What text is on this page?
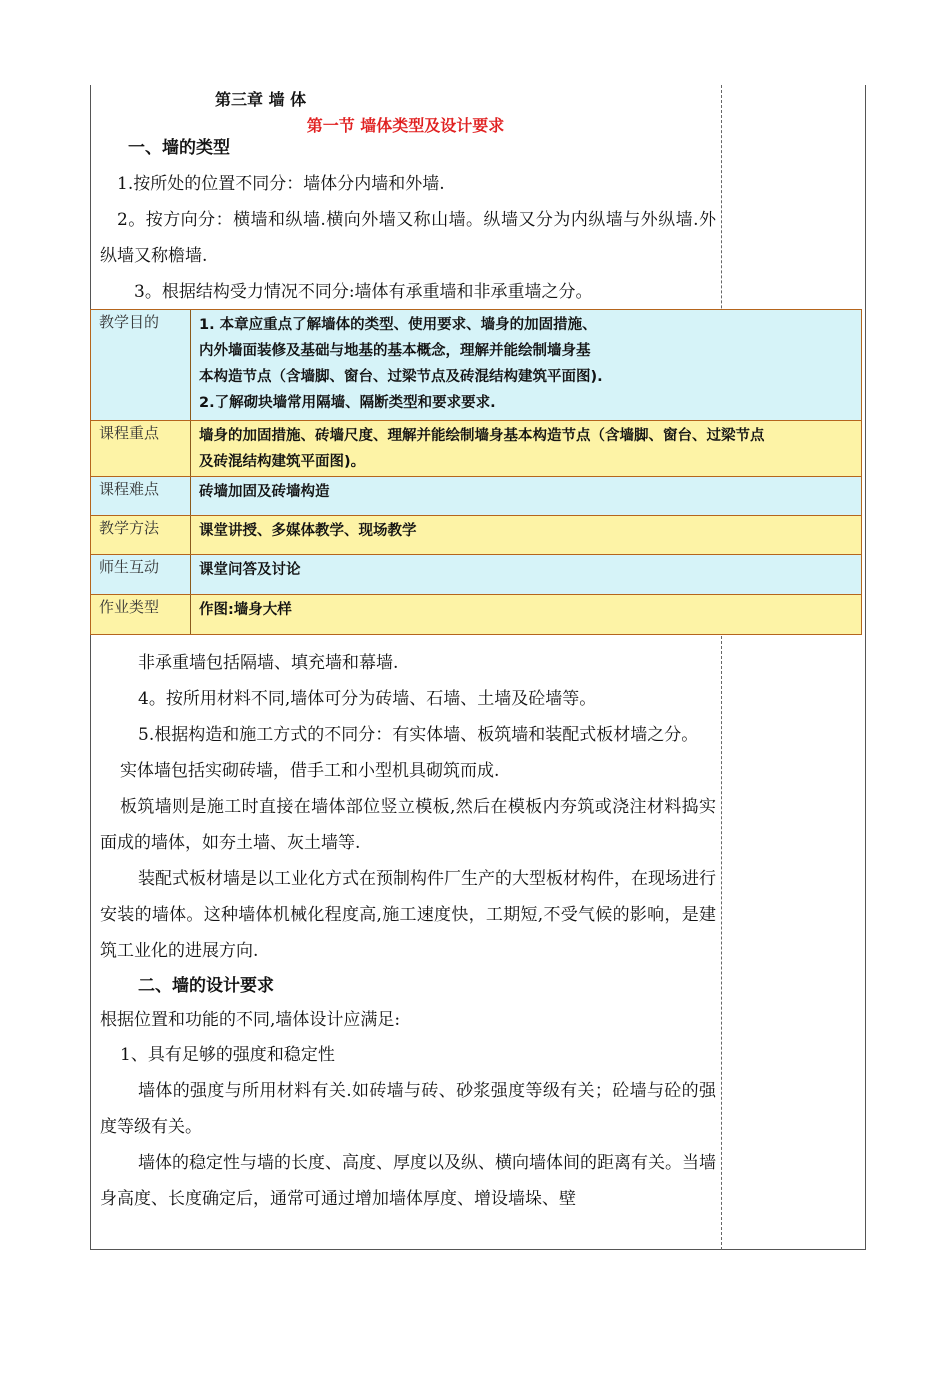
第三章 墙 体
第一节 墙体类型及设计要求

一、墙的类型

1.按所处的位置不同分：墙体分内墙和外墙.

2。按方向分：横墙和纵墙.横向外墙又称山墙。纵墙又分为内纵墙与外纵墙.外纵墙又称檐墙.

3。根据结构受力情况不同分:墙体有承重墙和非承重墙之分。

教学目的	1. 本章应重点了解墙体的类型、使用要求、墙身的加固措施、
内外墙面装修及基础与地基的基本概念，理解并能绘制墙身基
本构造节点（含墙脚、窗台、过梁节点及砖混结构建筑平面图).
2.了解砌块墙常用隔墙、隔断类型和要求要求.
课程重点	墙身的加固措施、砖墙尺度、理解并能绘制墙身基本构造节点（含墙脚、窗台、过梁节点
及砖混结构建筑平面图)。
课程难点	砖墙加固及砖墙构造
教学方法	课堂讲授、多媒体教学、现场教学
师生互动	课堂问答及讨论
作业类型	作图:墙身大样

非承重墙包括隔墙、填充墙和幕墙.

4。按所用材料不同,墙体可分为砖墙、石墙、土墙及砼墙等。

5.根据构造和施工方式的不同分：有实体墙、板筑墙和装配式板材墙之分。

实体墙包括实砌砖墙，借手工和小型机具砌筑而成.

板筑墙则是施工时直接在墙体部位竖立模板,然后在模板内夯筑或浇注材料捣实面成的墙体，如夯土墙、灰土墙等.

装配式板材墙是以工业化方式在预制构件厂生产的大型板材构件，在现场进行安装的墙体。这种墙体机械化程度高,施工速度快，工期短,不受气候的影响，是建筑工业化的进展方向.

二、墙的设计要求

根据位置和功能的不同,墙体设计应满足:

1、具有足够的强度和稳定性

墙体的强度与所用材料有关.如砖墙与砖、砂浆强度等级有关；砼墙与砼的强度等级有关。

墙体的稳定性与墙的长度、高度、厚度以及纵、横向墙体间的距离有关。当墙身高度、长度确定后，通常可通过增加墙体厚度、增设墙垛、壁
